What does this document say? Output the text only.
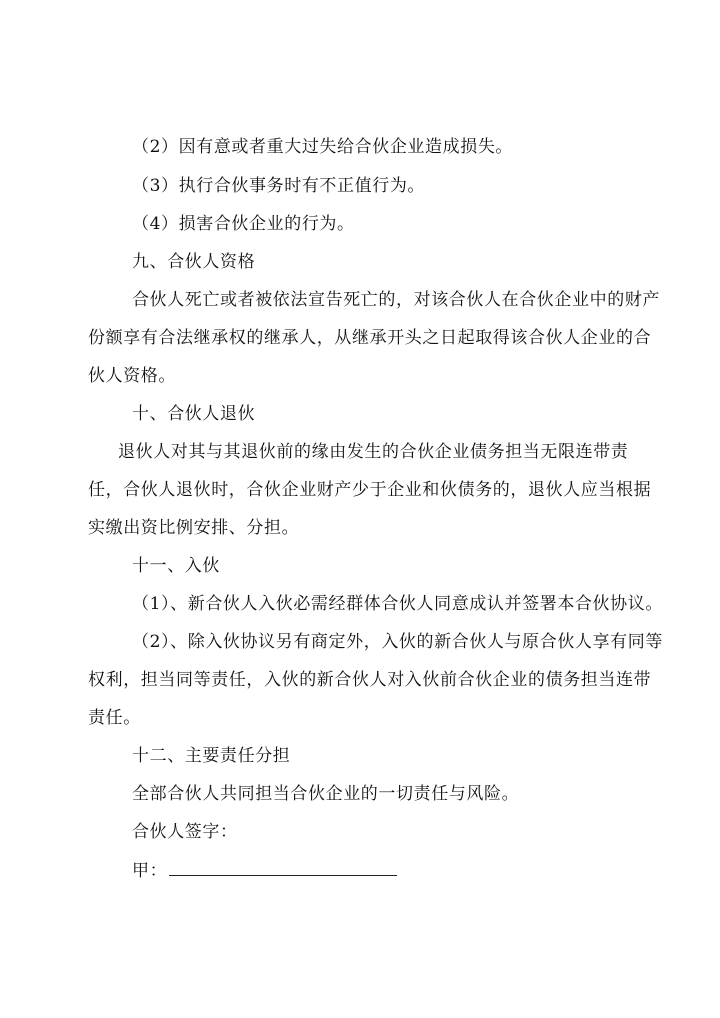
（2）因有意或者重大过失给合伙企业造成损失。
（3）执行合伙事务时有不正值行为。
（4）损害合伙企业的行为。
九、合伙人资格
合伙人死亡或者被依法宣告死亡的，对该合伙人在合伙企业中的财产
份额享有合法继承权的继承人，从继承开头之日起取得该合伙人企业的合
伙人资格。
十、合伙人退伙
退伙人对其与其退伙前的缘由发生的合伙企业债务担当无限连带责
任，合伙人退伙时，合伙企业财产少于企业和伙债务的，退伙人应当根据
实缴出资比例安排、分担。
十一、入伙
（1）、新合伙人入伙必需经群体合伙人同意成认并签署本合伙协议。
（2）、除入伙协议另有商定外，入伙的新合伙人与原合伙人享有同等
权利，担当同等责任，入伙的新合伙人对入伙前合伙企业的债务担当连带
责任。
十二、主要责任分担
全部合伙人共同担当合伙企业的一切责任与风险。
合伙人签字：
甲：
